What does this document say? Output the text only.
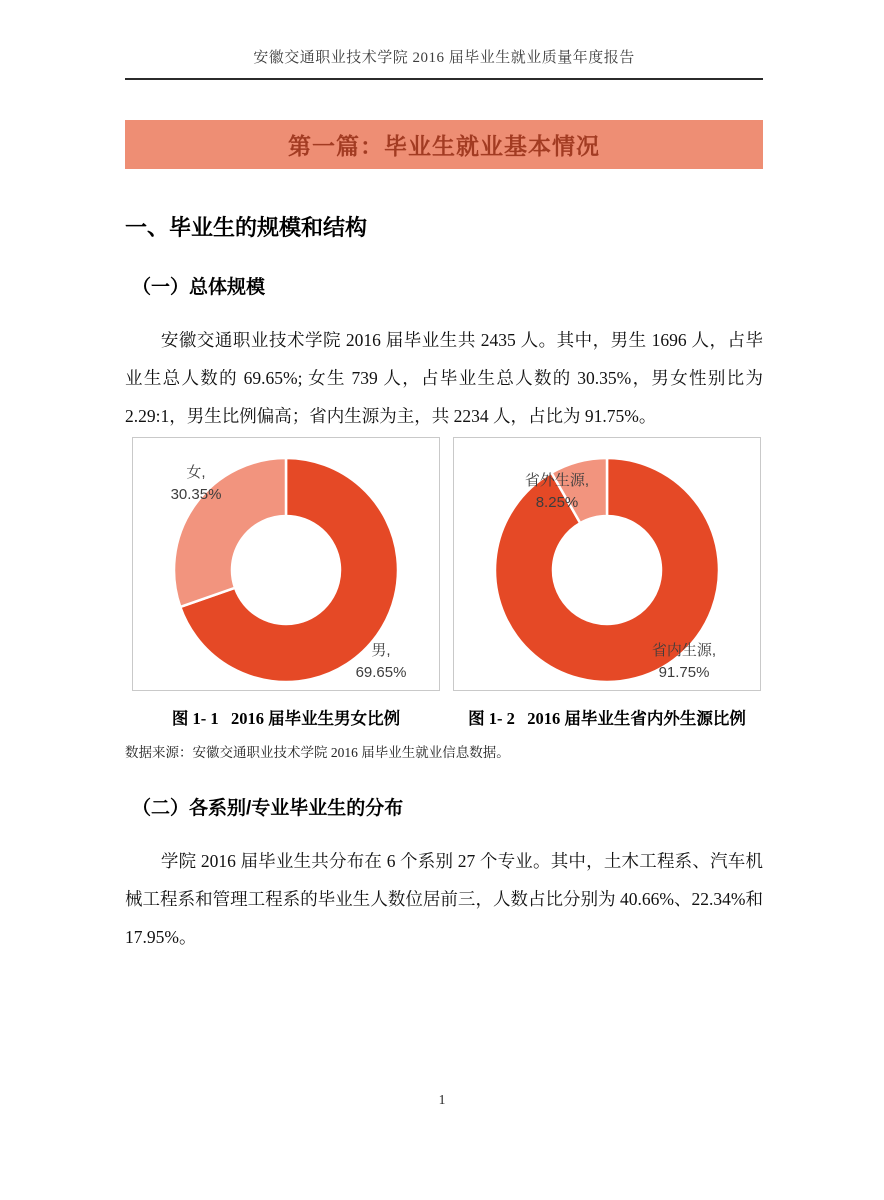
安徽交通职业技术学院 2016 届毕业生就业质量年度报告
第一篇：毕业生就业基本情况
一、毕业生的规模和结构
（一）总体规模

安徽交通职业技术学院 2016 届毕业生共 2435 人。其中，男生 1696 人，占毕业生总人数的 69.65%; 女生 739 人，占毕业生总人数的 30.35%，男女性别比为 2.29:1，男生比例偏高；省内生源为主，共 2234 人，占比为 91.75%。

女,
30.35%
男,
69.65%
省外生源,
8.25%
省内生源,
91.75%
图 1- 1   2016 届毕业生男女比例	图 1- 2   2016 届毕业生省内外生源比例
数据来源：安徽交通职业技术学院 2016 届毕业生就业信息数据。
（二）各系别/专业毕业生的分布

学院 2016 届毕业生共分布在 6 个系别 27 个专业。其中，土木工程系、汽车机械工程系和管理工程系的毕业生人数位居前三，人数占比分别为 40.66%、22.34%和 17.95%。

1
